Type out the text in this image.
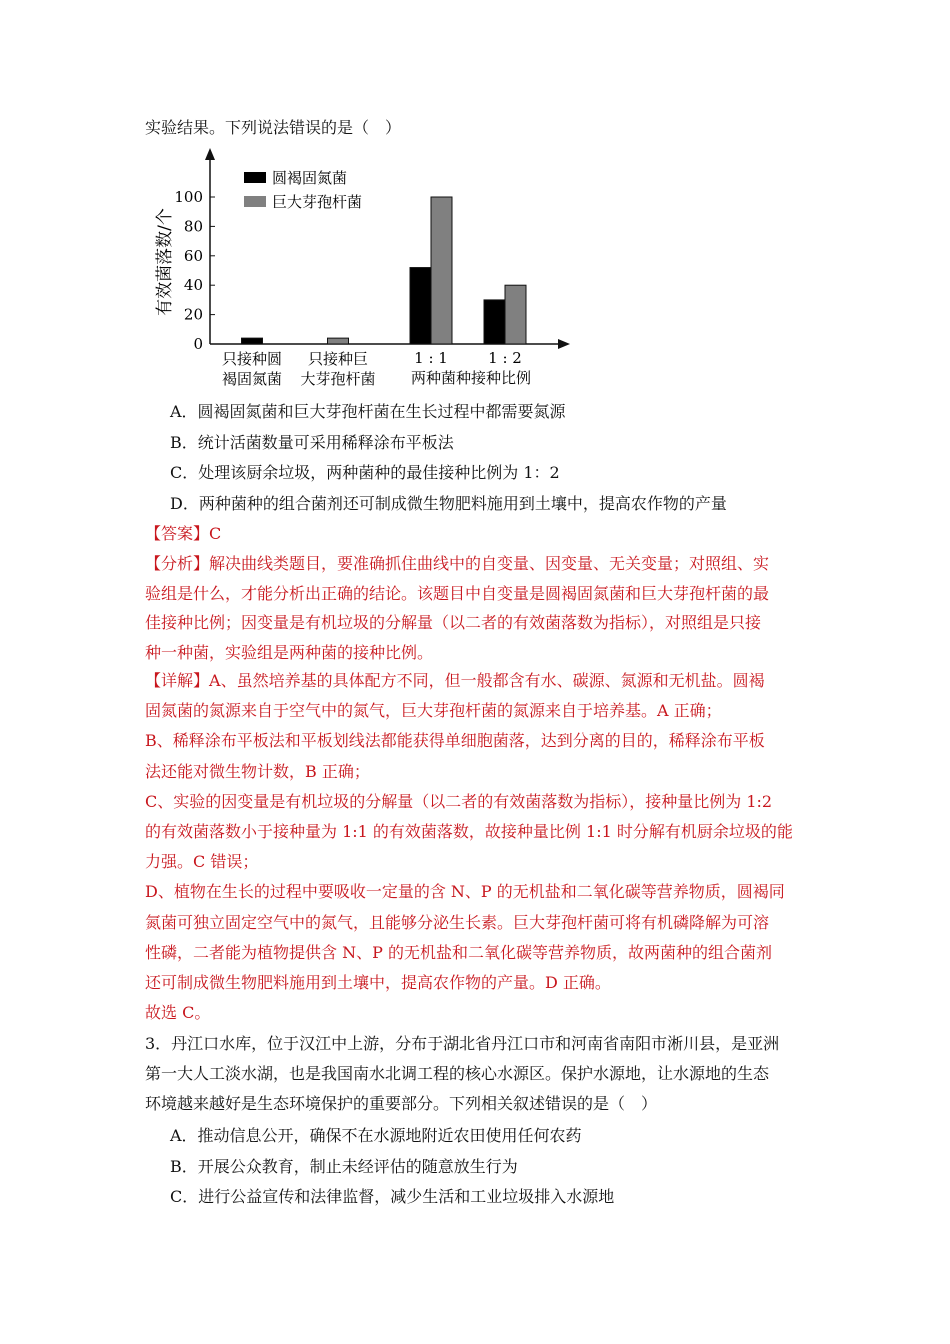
实验结果。下列说法错误的是（　）
有效菌落数/个
0
20
40
60
80
100
只接种圆
褐固氮菌
只接种巨
大芽孢杆菌
1 : 1	1 : 2
两种菌种接种比例
圆褐固氮菌
巨大芽孢杆菌
A．圆褐固氮菌和巨大芽孢杆菌在生长过程中都需要氮源
B．统计活菌数量可采用稀释涂布平板法
C．处理该厨余垃圾，两种菌种的最佳接种比例为 1：2
D．两种菌种的组合菌剂还可制成微生物肥料施用到土壤中，提高农作物的产量
【答案】C
【分析】解决曲线类题目，要准确抓住曲线中的自变量、因变量、无关变量；对照组、实
验组是什么，才能分析出正确的结论。该题目中自变量是圆褐固氮菌和巨大芽孢杆菌的最
佳接种比例；因变量是有机垃圾的分解量（以二者的有效菌落数为指标），对照组是只接
种一种菌，实验组是两种菌的接种比例。
【详解】A、虽然培养基的具体配方不同，但一般都含有水、碳源、氮源和无机盐。圆褐
固氮菌的氮源来自于空气中的氮气，巨大芽孢杆菌的氮源来自于培养基。A 正确；
B、稀释涂布平板法和平板划线法都能获得单细胞菌落，达到分离的目的，稀释涂布平板
法还能对微生物计数，B 正确；
C、实验的因变量是有机垃圾的分解量（以二者的有效菌落数为指标），接种量比例为 1:2
的有效菌落数小于接种量为 1:1 的有效菌落数，故接种量比例 1:1 时分解有机厨余垃圾的能
力强。C 错误；
D、植物在生长的过程中要吸收一定量的含 N、P 的无机盐和二氧化碳等营养物质，圆褐同
氮菌可独立固定空气中的氮气，且能够分泌生长素。巨大芽孢杆菌可将有机磷降解为可溶
性磷，二者能为植物提供含 N、P 的无机盐和二氧化碳等营养物质，故两菌种的组合菌剂
还可制成微生物肥料施用到土壤中，提高农作物的产量。D 正确。
故选 C。
3．丹江口水库，位于汉江中上游，分布于湖北省丹江口市和河南省南阳市淅川县，是亚洲
第一大人工淡水湖，也是我国南水北调工程的核心水源区。保护水源地，让水源地的生态
环境越来越好是生态环境保护的重要部分。下列相关叙述错误的是（　）
A．推动信息公开，确保不在水源地附近农田使用任何农药
B．开展公众教育，制止未经评估的随意放生行为
C．进行公益宣传和法律监督，减少生活和工业垃圾排入水源地
